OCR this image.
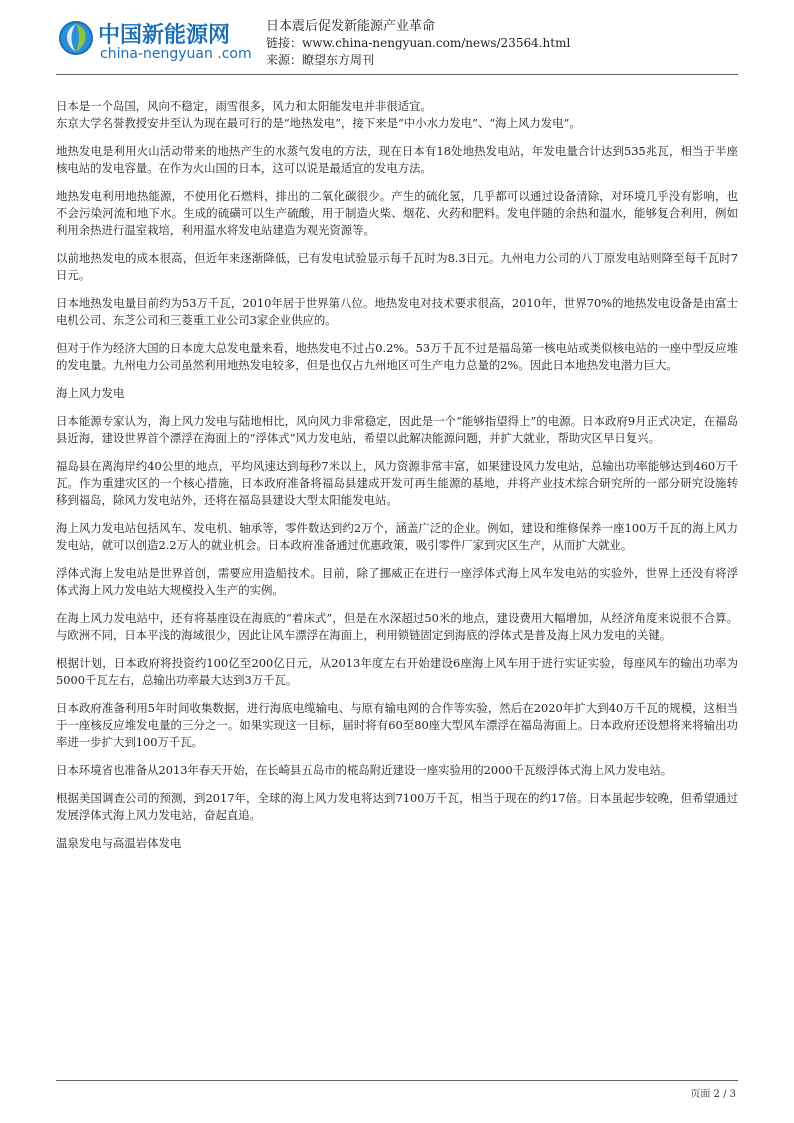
中国新能源网
china-nengyuan .com
日本震后促发新能源产业革命
链接：www.china-nengyuan.com/news/23564.html
来源：瞭望东方周刊

日本是一个岛国，风向不稳定，雨雪很多，风力和太阳能发电并非很适宜。

东京大学名誉教授安井至认为现在最可行的是“地热发电”，接下来是“中小水力发电”、“海上风力发电”。

地热发电是利用火山活动带来的地热产生的水蒸气发电的方法，现在日本有18处地热发电站，年发电量合计达到535兆瓦，相当于半座核电站的发电容量。在作为火山国的日本，这可以说是最适宜的发电方法。

地热发电利用地热能源，不使用化石燃料，排出的二氧化碳很少。产生的硫化氢，几乎都可以通过设备清除，对环境几乎没有影响，也不会污染河流和地下水。生成的硫磺可以生产硫酸，用于制造火柴、烟花、火药和肥料。发电伴随的余热和温水，能够复合利用，例如利用余热进行温室栽培，利用温水将发电站建造为观光资源等。

以前地热发电的成本很高，但近年来逐渐降低，已有发电试验显示每千瓦时为8.3日元。九州电力公司的八丁原发电站则降至每千瓦时7日元。

日本地热发电量目前约为53万千瓦，2010年居于世界第八位。地热发电对技术要求很高，2010年，世界70%的地热发电设备是由富士电机公司、东芝公司和三菱重工业公司3家企业供应的。

但对于作为经济大国的日本庞大总发电量来看，地热发电不过占0.2%。53万千瓦不过是福岛第一核电站或类似核电站的一座中型反应堆的发电量。九州电力公司虽然利用地热发电较多，但是也仅占九州地区可生产电力总量的2%。因此日本地热发电潜力巨大。

海上风力发电

日本能源专家认为，海上风力发电与陆地相比，风向风力非常稳定，因此是一个“能够指望得上”的电源。日本政府9月正式决定，在福岛县近海，建设世界首个漂浮在海面上的“浮体式”风力发电站，希望以此解决能源问题，并扩大就业，帮助灾区早日复兴。

福岛县在离海岸约40公里的地点，平均风速达到每秒7米以上，风力资源非常丰富，如果建设风力发电站，总输出功率能够达到460万千瓦。作为重建灾区的一个核心措施，日本政府准备将福岛县建成开发可再生能源的基地，并将产业技术综合研究所的一部分研究设施转移到福岛，除风力发电站外，还将在福岛县建设大型太阳能发电站。

海上风力发电站包括风车、发电机、轴承等，零件数达到约2万个，涵盖广泛的企业。例如，建设和维修保养一座100万千瓦的海上风力发电站，就可以创造2.2万人的就业机会。日本政府准备通过优惠政策，吸引零件厂家到灾区生产，从而扩大就业。

浮体式海上发电站是世界首创，需要应用造船技术。目前，除了挪威正在进行一座浮体式海上风车发电站的实验外，世界上还没有将浮体式海上风力发电站大规模投入生产的实例。

在海上风力发电站中，还有将基座设在海底的“着床式”，但是在水深超过50米的地点，建设费用大幅增加，从经济角度来说很不合算。与欧洲不同，日本平浅的海域很少，因此让风车漂浮在海面上，利用锁链固定到海底的浮体式是普及海上风力发电的关键。

根据计划，日本政府将投资约100亿至200亿日元，从2013年度左右开始建设6座海上风车用于进行实证实验，每座风车的输出功率为5000千瓦左右，总输出功率最大达到3万千瓦。

日本政府准备利用5年时间收集数据，进行海底电缆输电、与原有输电网的合作等实验，然后在2020年扩大到40万千瓦的规模，这相当于一座核反应堆发电量的三分之一。如果实现这一目标，届时将有60至80座大型风车漂浮在福岛海面上。日本政府还设想将来将输出功率进一步扩大到100万千瓦。

日本环境省也准备从2013年春天开始，在长崎县五岛市的椛岛附近建设一座实验用的2000千瓦级浮体式海上风力发电站。

根据美国调查公司的预测，到2017年，全球的海上风力发电将达到7100万千瓦，相当于现在的约17倍。日本虽起步较晚，但希望通过发展浮体式海上风力发电站，奋起直追。

温泉发电与高温岩体发电

页面 2 / 3
